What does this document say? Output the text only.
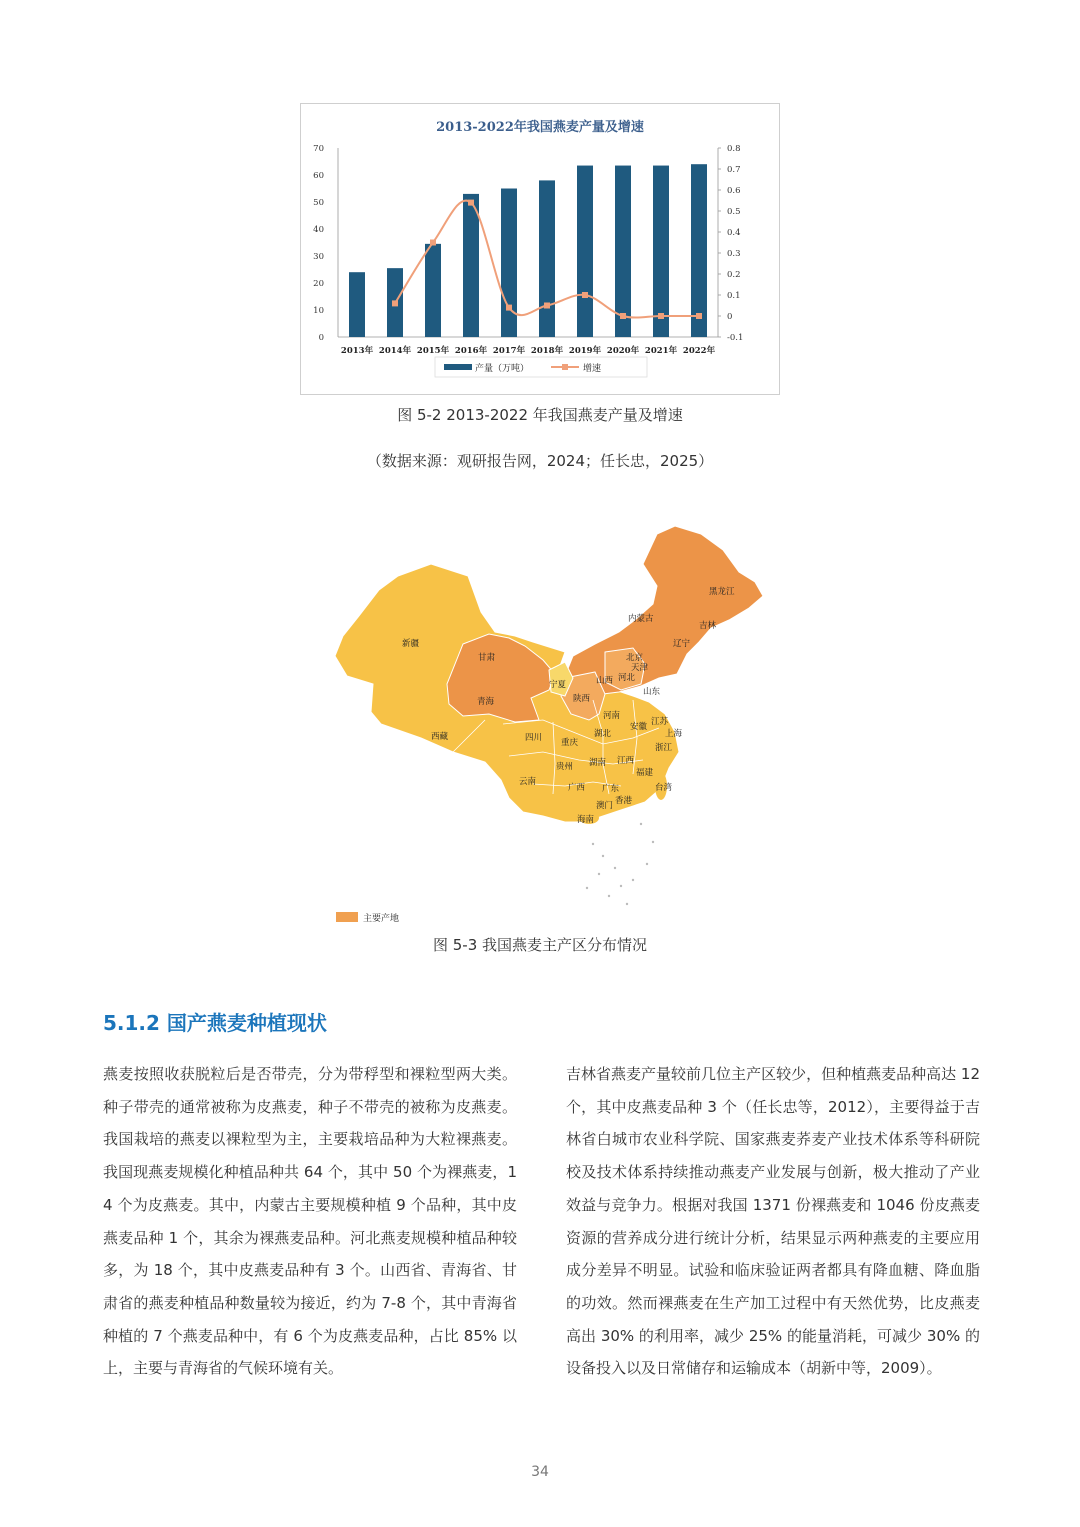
2013-2022年我国燕麦产量及增速
0
10
20
30
40
50
60
70
-0.1
0
0.1
0.2
0.3
0.4
0.5
0.6
0.7
0.8
2013年 2014年 2015年 2016年 2017年 2018年 2019年 2020年 2021年 2022年
产量（万吨）	增速
图 5-2 2013-2022 年我国燕麦产量及增速
（数据来源：观研报告网，2024；任长忠，2025）
黑龙江
吉林
内蒙古
辽宁
新疆
甘肃	北京
天津
宁夏	山西 河北
青海	陕西
山东
河南
江苏
安徽
上海
西藏	四川	湖北
重庆	浙江
贵州 湖南 江西
福建
云南
广西 广东	台湾
香港
澳门
海南
主要产地
图 5-3 我国燕麦主产区分布情况
5.1.2 国产燕麦种植现状
燕麦按照收获脱粒后是否带壳，分为带稃型和裸粒型两大类。种子带壳的通常被称为皮燕麦，种子不带壳的被称为皮燕麦。我国栽培的燕麦以裸粒型为主，主要栽培品种为大粒裸燕麦。我国现燕麦规模化种植品种共 64 个，其中 50 个为裸燕麦，14 个为皮燕麦。其中，内蒙古主要规模种植 9 个品种，其中皮燕麦品种 1 个，其余为裸燕麦品种。河北燕麦规模种植品种较多，为 18 个，其中皮燕麦品种有 3 个。山西省、青海省、甘肃省的燕麦种植品种数量较为接近，约为 7-8 个，其中青海省种植的 7 个燕麦品种中，有 6 个为皮燕麦品种，占比 85% 以上，主要与青海省的气候环境有关。
吉林省燕麦产量较前几位主产区较少，但种植燕麦品种高达 12 个，其中皮燕麦品种 3 个（任长忠等，2012），主要得益于吉林省白城市农业科学院、国家燕麦荞麦产业技术体系等科研院校及技术体系持续推动燕麦产业发展与创新，极大推动了产业效益与竞争力。根据对我国 1371 份裸燕麦和 1046 份皮燕麦资源的营养成分进行统计分析，结果显示两种燕麦的主要应用成分差异不明显。试验和临床验证两者都具有降血糖、降血脂的功效。然而裸燕麦在生产加工过程中有天然优势，比皮燕麦高出 30% 的利用率，减少 25% 的能量消耗，可减少 30% 的设备投入以及日常储存和运输成本（胡新中等，2009）。
34
